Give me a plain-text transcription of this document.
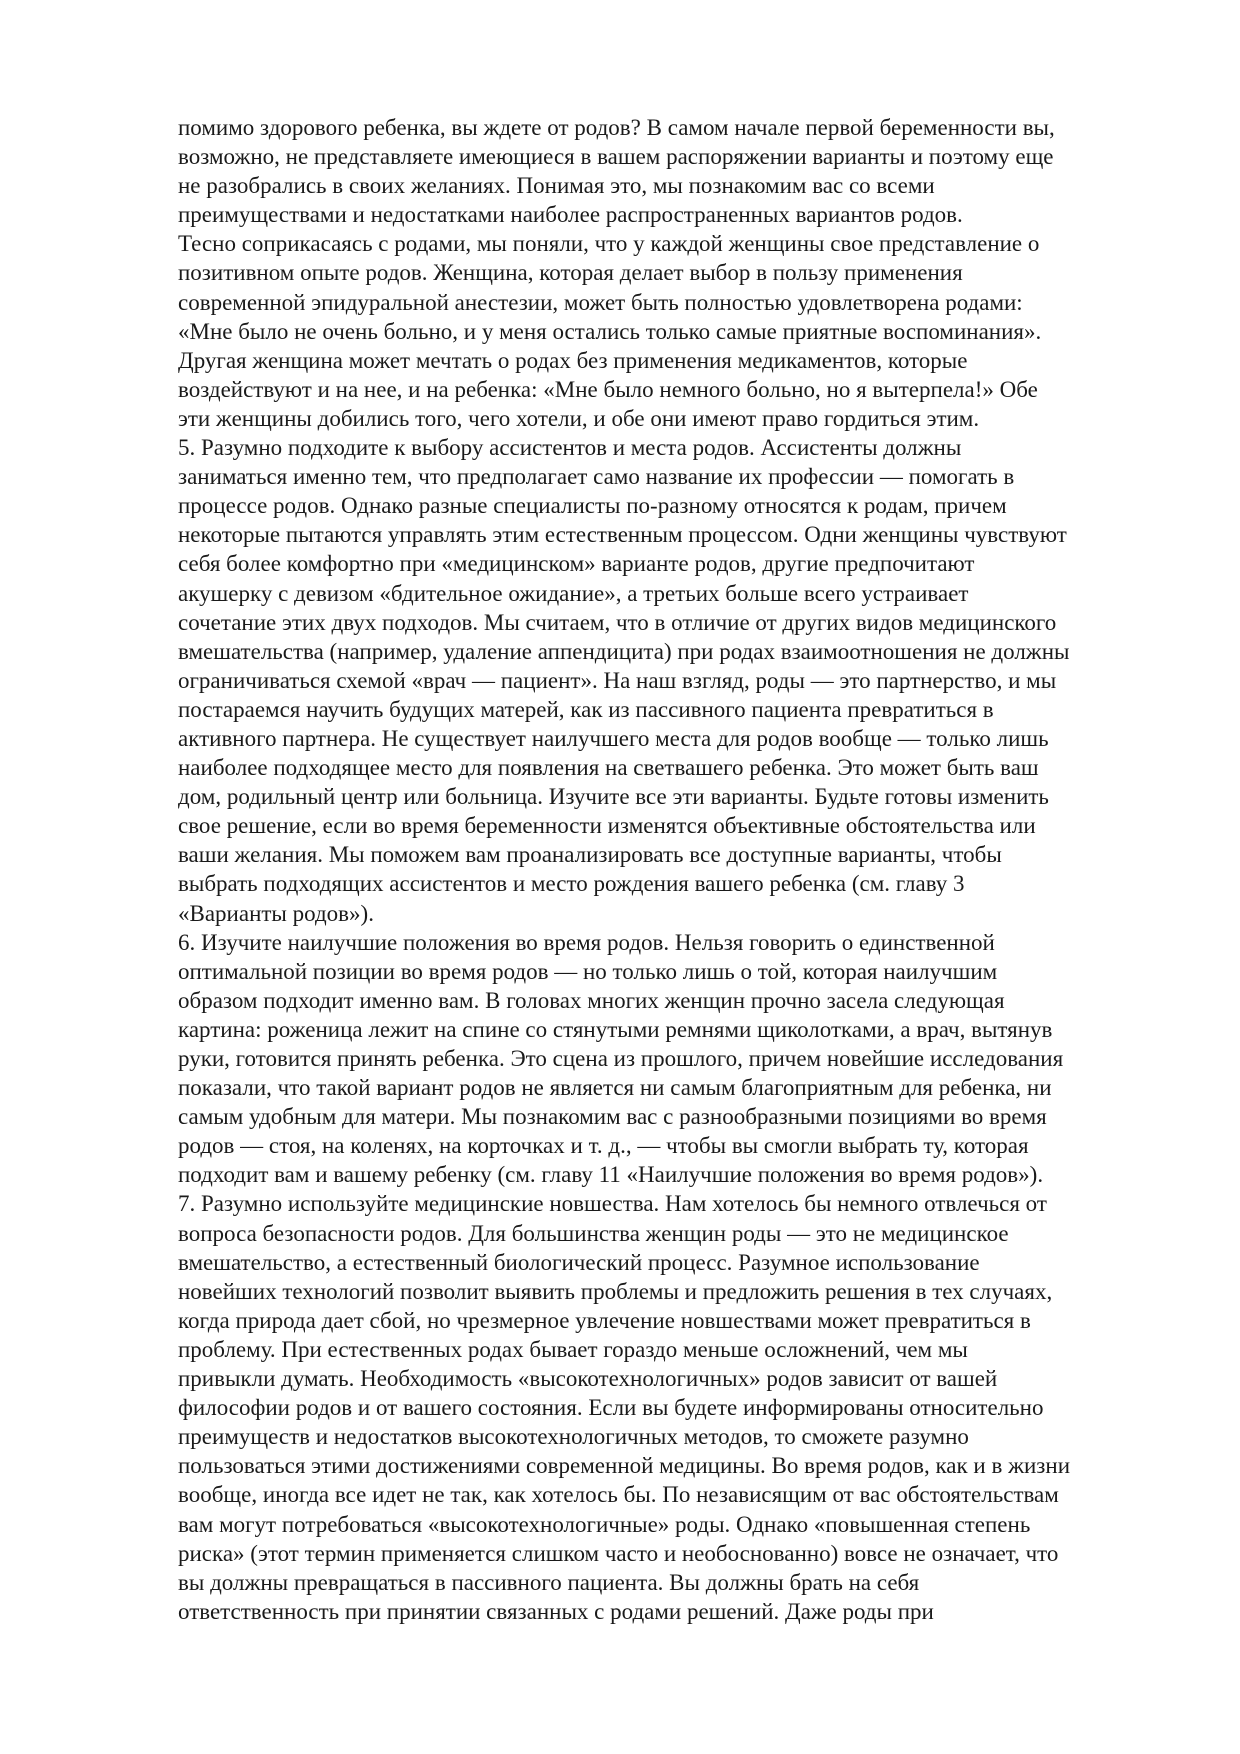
помимо здорового ребенка, вы ждете от родов? В самом начале первой беременности вы,
возможно, не представляете имеющиеся в вашем распоряжении варианты и поэтому еще
не разобрались в своих желаниях. Понимая это, мы познакомим вас со всеми
преимуществами и недостатками наиболее распространенных вариантов родов.
Тесно соприкасаясь с родами, мы поняли, что у каждой женщины свое представление о
позитивном опыте родов. Женщина, которая делает выбор в пользу применения
современной эпидуральной анестезии, может быть полностью удовлетворена родами:
«Мне было не очень больно, и у меня остались только самые приятные воспоминания».
Другая женщина может мечтать о родах без применения медикаментов, которые
воздействуют и на нее, и на ребенка: «Мне было немного больно, но я вытерпела!» Обе
эти женщины добились того, чего хотели, и обе они имеют право гордиться этим.
5. Разумно подходите к выбору ассистентов и места родов. Ассистенты должны
заниматься именно тем, что предполагает само название их профессии — помогать в
процессе родов. Однако разные специалисты по-разному относятся к родам, причем
некоторые пытаются управлять этим естественным процессом. Одни женщины чувствуют
себя более комфортно при «медицинском» варианте родов, другие предпочитают
акушерку с девизом «бдительное ожидание», а третьих больше всего устраивает
сочетание этих двух подходов. Мы считаем, что в отличие от других видов медицинского
вмешательства (например, удаление аппендицита) при родах взаимоотношения не должны
ограничиваться схемой «врач — пациент». На наш взгляд, роды — это партнерство, и мы
постараемся научить будущих матерей, как из пассивного пациента превратиться в
активного партнера. Не существует наилучшего места для родов вообще — только лишь
наиболее подходящее место для появления на светвашего ребенка. Это может быть ваш
дом, родильный центр или больница. Изучите все эти варианты. Будьте готовы изменить
свое решение, если во время беременности изменятся объективные обстоятельства или
ваши желания. Мы поможем вам проанализировать все доступные варианты, чтобы
выбрать подходящих ассистентов и место рождения вашего ребенка (см. главу 3
«Варианты родов»).
6. Изучите наилучшие положения во время родов. Нельзя говорить о единственной
оптимальной позиции во время родов — но только лишь о той, которая наилучшим
образом подходит именно вам. В головах многих женщин прочно засела следующая
картина: роженица лежит на спине со стянутыми ремнями щиколотками, а врач, вытянув
руки, готовится принять ребенка. Это сцена из прошлого, причем новейшие исследования
показали, что такой вариант родов не является ни самым благоприятным для ребенка, ни
самым удобным для матери. Мы познакомим вас с разнообразными позициями во время
родов — стоя, на коленях, на корточках и т. д., — чтобы вы смогли выбрать ту, которая
подходит вам и вашему ребенку (см. главу 11 «Наилучшие положения во время родов»).
7. Разумно используйте медицинские новшества. Нам хотелось бы немного отвлечься от
вопроса безопасности родов. Для большинства женщин роды — это не медицинское
вмешательство, а естественный биологический процесс. Разумное использование
новейших технологий позволит выявить проблемы и предложить решения в тех случаях,
когда природа дает сбой, но чрезмерное увлечение новшествами может превратиться в
проблему. При естественных родах бывает гораздо меньше осложнений, чем мы
привыкли думать. Необходимость «высокотехнологичных» родов зависит от вашей
философии родов и от вашего состояния. Если вы будете информированы относительно
преимуществ и недостатков высокотехнологичных методов, то сможете разумно
пользоваться этими достижениями современной медицины. Во время родов, как и в жизни
вообще, иногда все идет не так, как хотелось бы. По независящим от вас обстоятельствам
вам могут потребоваться «высокотехнологичные» роды. Однако «повышенная степень
риска» (этот термин применяется слишком часто и необоснованно) вовсе не означает, что
вы должны превращаться в пассивного пациента. Вы должны брать на себя
ответственность при принятии связанных с родами решений. Даже роды при
